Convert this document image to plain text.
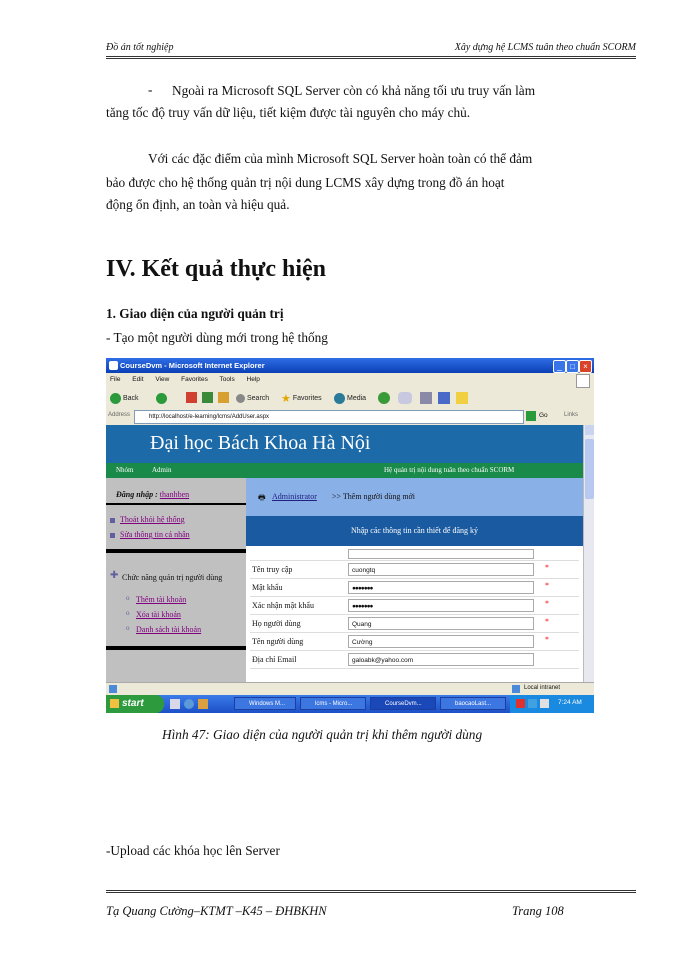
Đồ án tốt nghiệp	Xây dựng hệ LCMS tuân theo chuẩn SCORM
- Ngoài ra Microsoft SQL Server còn có khả năng tối ưu truy vấn làm
tăng tốc độ truy vấn dữ liệu, tiết kiệm được tài nguyên cho máy chủ.
Với các đặc điểm của mình Microsoft SQL Server hoàn toàn có thể đảm
bảo được cho hệ thống quản trị nội dung LCMS xây dựng trong đồ án hoạt
động ổn định, an toàn và hiệu quả.
IV. Kết quả thực hiện
1. Giao diện của người quản trị
- Tạo một người dùng mới trong hệ thống
CourseDvm - Microsoft Internet Explorer	_	□	×
File Edit View Favorites Tools Help
Back	Search ★ Favorites	Media
Address	http://localhost/e-learning/lcms/AddUser.aspx	Go	Links
Đại học Bách Khoa Hà Nội
Nhóm	Admin	Hệ quản trị nội dung tuân theo chuẩn SCORM
Đăng nhập : thanhben
Thoát khỏi hệ thống
Sửa thông tin cá nhân
✚ Chức năng quản trị người dùng
o Thêm tài khoản
o Xóa tài khoản
o Danh sách tài khoản
🖶 Administrator >> Thêm người dùng mới
Nhập các thông tin cần thiết để đăng ký
Tên truy cập	cuongtq	*
Mật khẩu	●●●●●●●	*
Xác nhận mật khẩu	●●●●●●●	*
Họ người dùng	Quang	*
Tên người dùng	Cường	*
Địa chỉ Email	galoabk@yahoo.com
Local intranet
start	Windows M...	lcms - Micro...	CourseDvm...	baocaoLast...	7:24 AM
Hình 47: Giao diện của người quản trị khi thêm người dùng
-Upload các khóa học lên Server
Tạ Quang Cường–KTMT –K45 – ĐHBKHN	Trang 108
